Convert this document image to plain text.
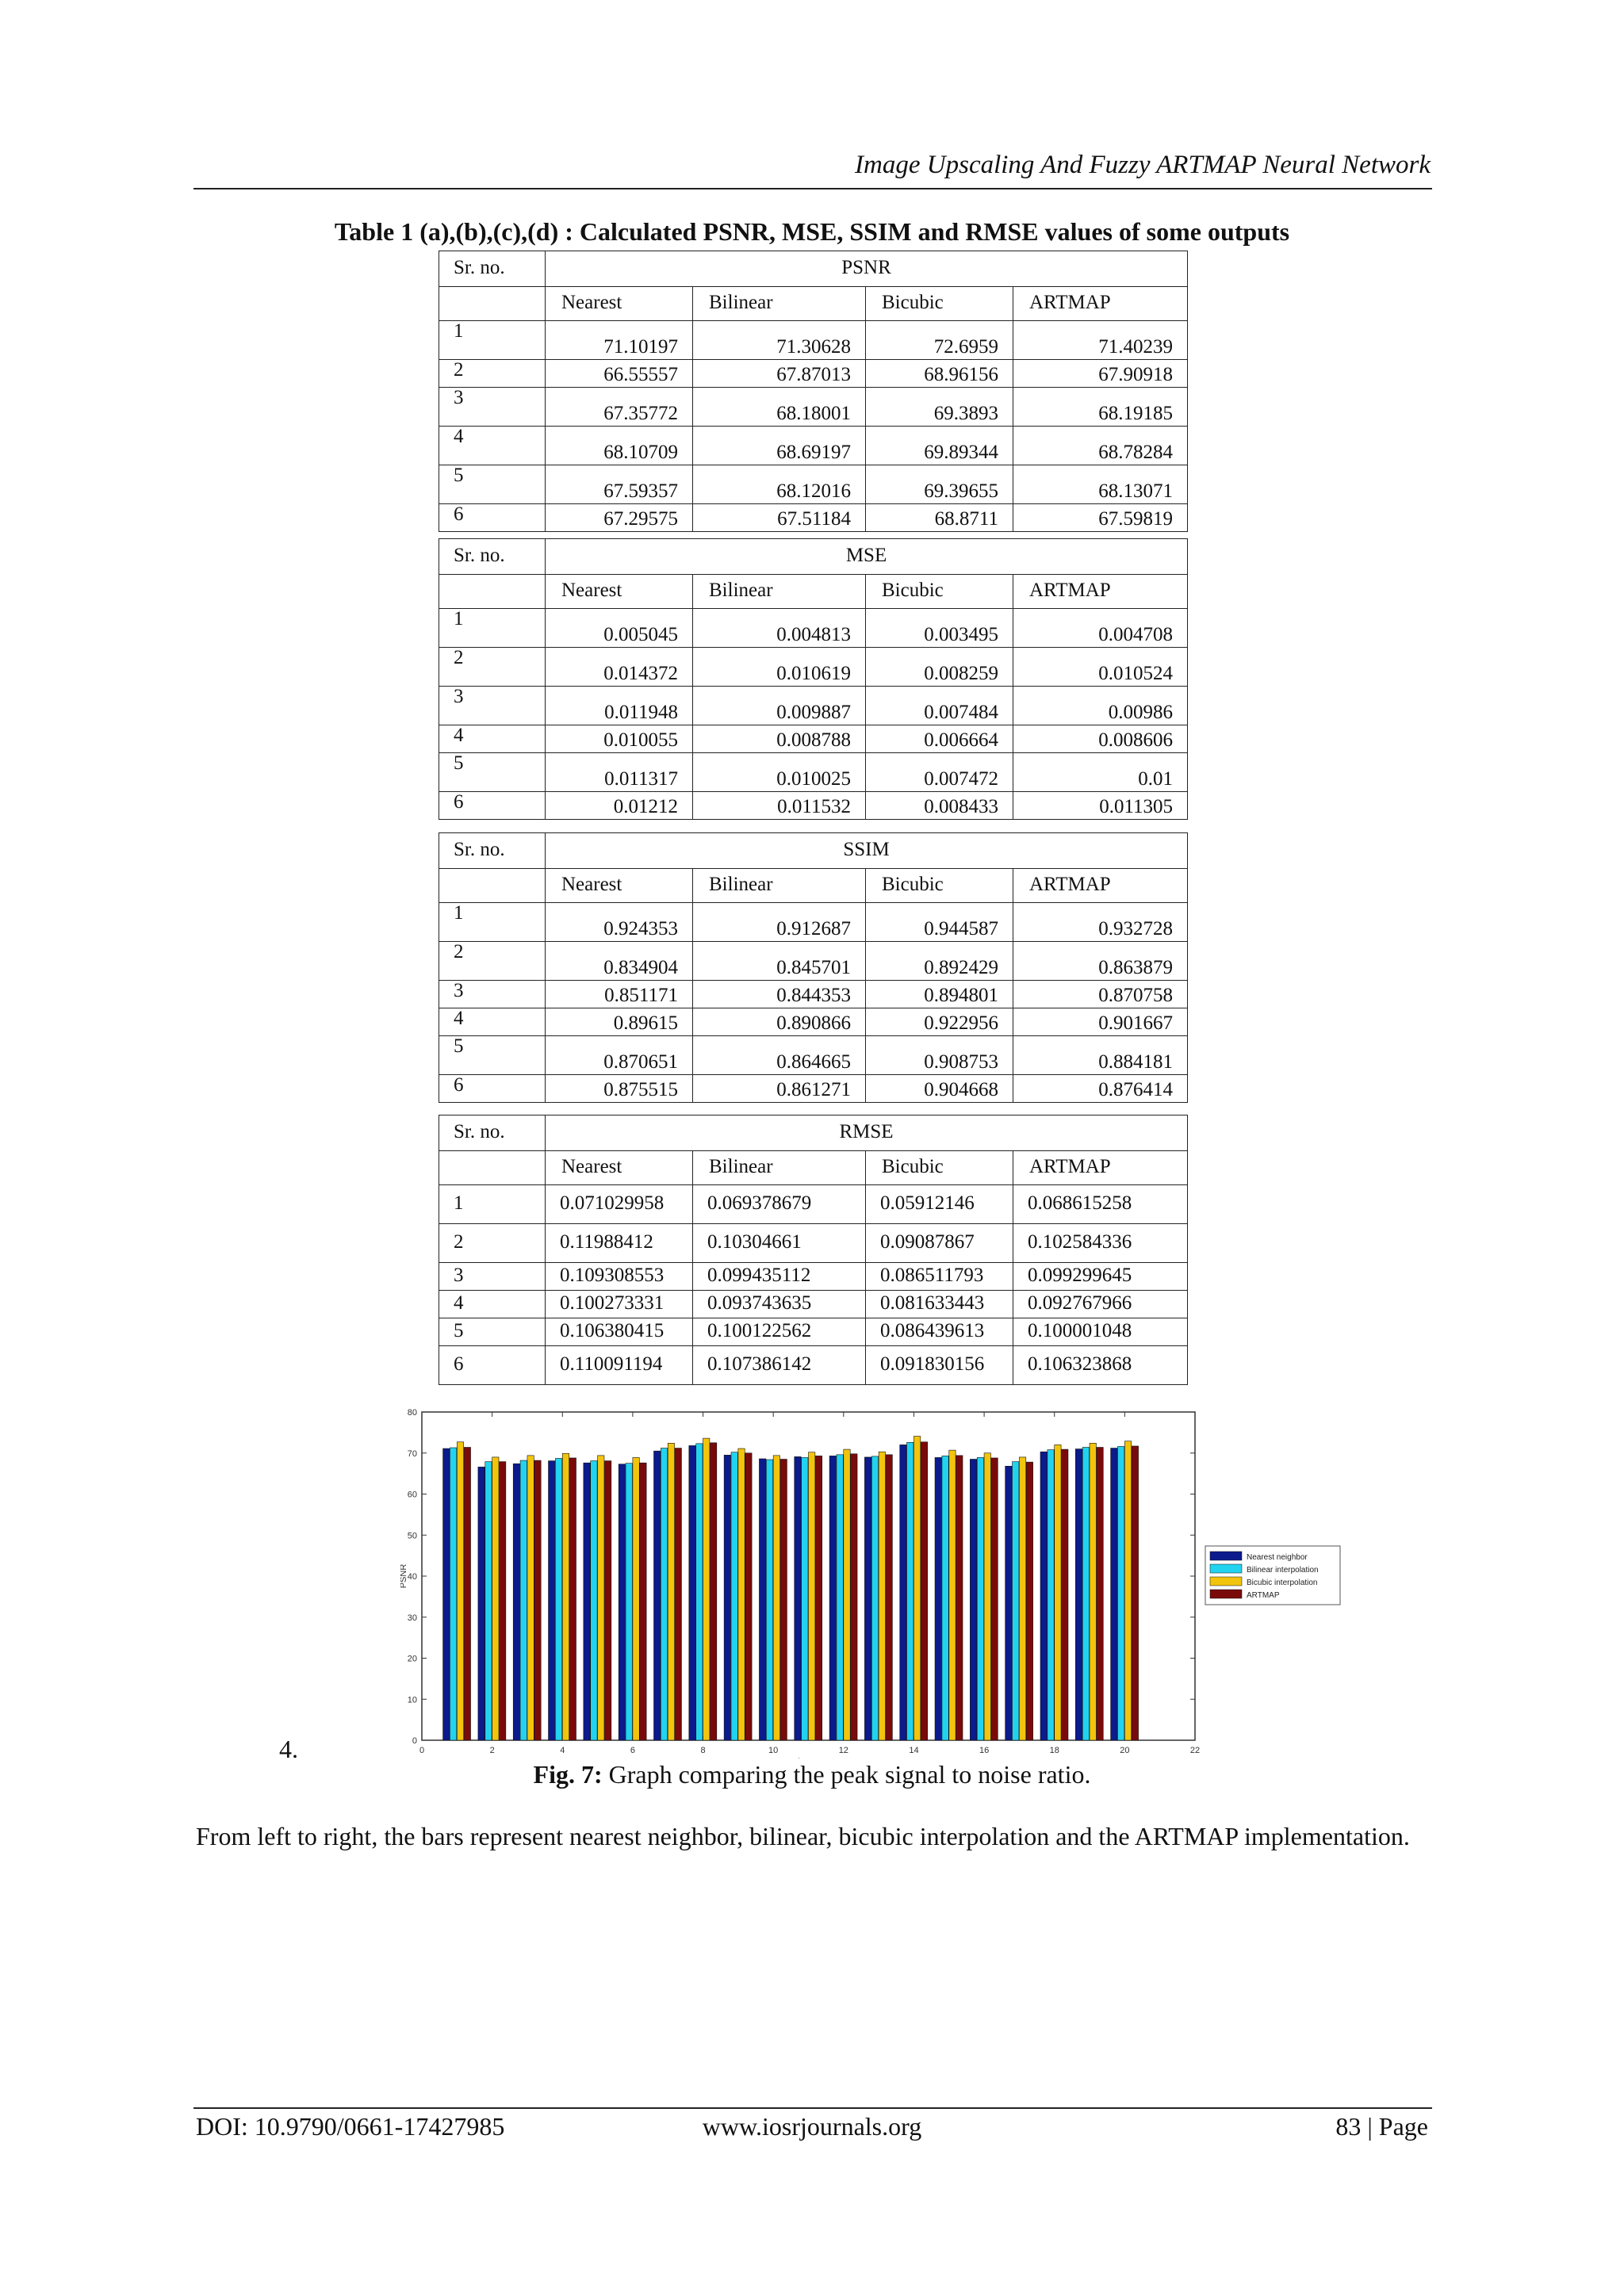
Image Upscaling And Fuzzy ARTMAP Neural Network
Table 1 (a),(b),(c),(d) : Calculated PSNR, MSE, SSIM and RMSE values of some outputs
Sr. no.	PSNR			
	Nearest	Bilinear	Bicubic	ARTMAP
1	71.10197	71.30628	72.6959	71.40239
2	66.55557	67.87013	68.96156	67.90918
3	67.35772	68.18001	69.3893	68.19185
4	68.10709	68.69197	69.89344	68.78284
5	67.59357	68.12016	69.39655	68.13071
6	67.29575	67.51184	68.8711	67.59819
Sr. no.	MSE			
	Nearest	Bilinear	Bicubic	ARTMAP
1	0.005045	0.004813	0.003495	0.004708
2	0.014372	0.010619	0.008259	0.010524
3	0.011948	0.009887	0.007484	0.00986
4	0.010055	0.008788	0.006664	0.008606
5	0.011317	0.010025	0.007472	0.01
6	0.01212	0.011532	0.008433	0.011305
Sr. no.	SSIM			
	Nearest	Bilinear	Bicubic	ARTMAP
1	0.924353	0.912687	0.944587	0.932728
2	0.834904	0.845701	0.892429	0.863879
3	0.851171	0.844353	0.894801	0.870758
4	0.89615	0.890866	0.922956	0.901667
5	0.870651	0.864665	0.908753	0.884181
6	0.875515	0.861271	0.904668	0.876414
Sr. no.	RMSE			
	Nearest	Bilinear	Bicubic	ARTMAP
1	0.071029958	0.069378679	0.05912146	0.068615258
2	0.11988412	0.10304661	0.09087867	0.102584336
3	0.109308553	0.099435112	0.086511793	0.099299645
4	0.100273331	0.093743635	0.081633443	0.092767966
5	0.106380415	0.100122562	0.086439613	0.100001048
6	0.110091194	0.107386142	0.091830156	0.106323868
4.	0
10
20
30
40
50
60
70
80
0	2	4	6	8	10	12	14	16	18	20	22
PSNR
Nearest neighbor
Bilinear interpolation
Bicubic interpolation
ARTMAP
Fig. 7: Graph comparing the peak signal to noise ratio.
From left to right, the bars represent nearest neighbor, bilinear, bicubic interpolation and the ARTMAP implementation.
DOI: 10.9790/0661-17427985	www.iosrjournals.org	83 | Page
